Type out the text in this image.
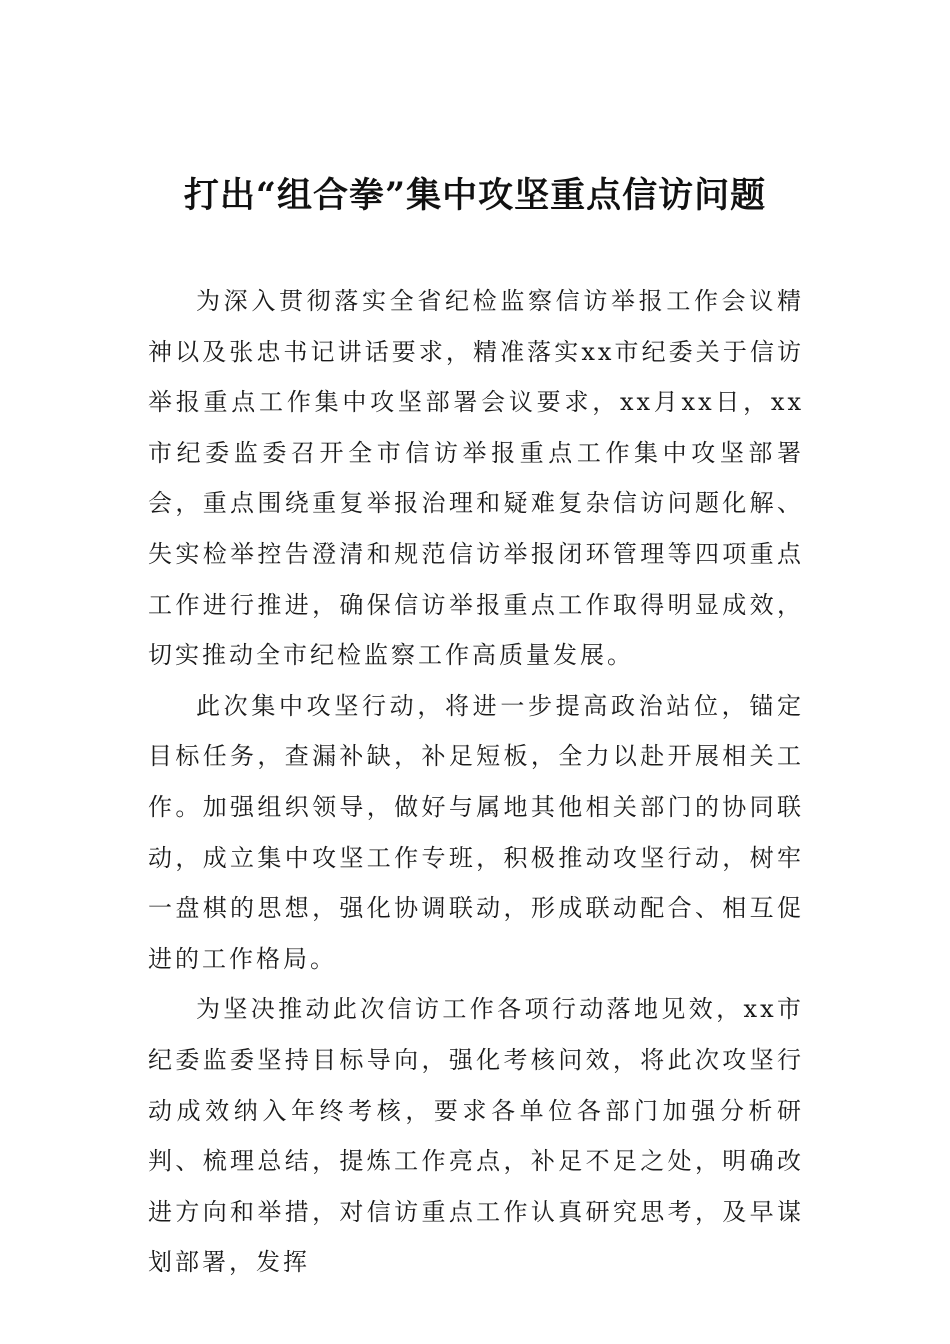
打出“组合拳”集中攻坚重点信访问题

为深入贯彻落实全省纪检监察信访举报工作会议精神以及张忠书记讲话要求，精准落实xx市纪委关于信访举报重点工作集中攻坚部署会议要求，xx月xx日，xx市纪委监委召开全市信访举报重点工作集中攻坚部署会，重点围绕重复举报治理和疑难复杂信访问题化解、失实检举控告澄清和规范信访举报闭环管理等四项重点工作进行推进，确保信访举报重点工作取得明显成效，切实推动全市纪检监察工作高质量发展。

此次集中攻坚行动，将进一步提高政治站位，锚定目标任务，查漏补缺，补足短板，全力以赴开展相关工作。加强组织领导，做好与属地其他相关部门的协同联动，成立集中攻坚工作专班，积极推动攻坚行动，树牢一盘棋的思想，强化协调联动，形成联动配合、相互促进的工作格局。

为坚决推动此次信访工作各项行动落地见效，xx市纪委监委坚持目标导向，强化考核问效，将此次攻坚行动成效纳入年终考核，要求各单位各部门加强分析研判、梳理总结，提炼工作亮点，补足不足之处，明确改进方向和举措，对信访重点工作认真研究思考，及早谋划部署，发挥
